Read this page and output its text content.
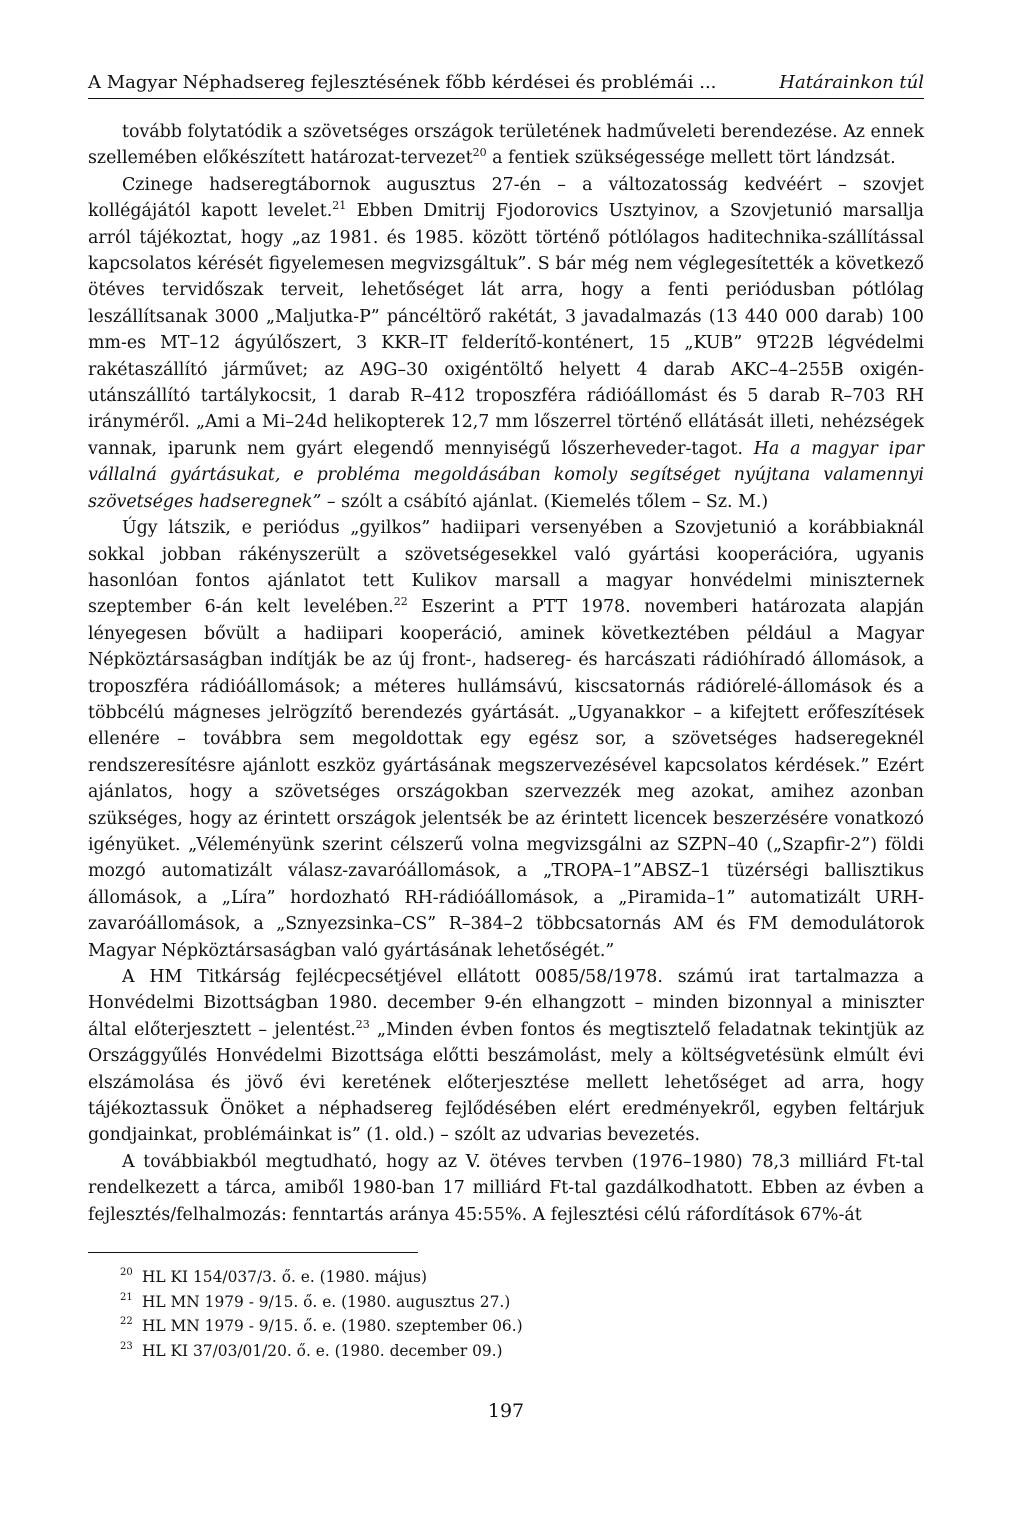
A Magyar Néphadsereg fejlesztésének főbb kérdései és problémái ...	Határainkon túl

tovább folytatódik a szövetséges országok területének hadműveleti berendezése. Az ennek szellemében előkészített határozat-tervezet$^{20}$ a fentiek szükségessége mellett tört lándzsát.

Czinege hadseregtábornok augusztus 27-én – a változatosság kedvéért – szovjet kollégájától kapott levelet.$^{21}$ Ebben Dmitrij Fjodorovics Usztyinov, a Szovjetunió marsallja arról tájékoztat, hogy „az 1981. és 1985. között történő pótlólagos haditechnika-szállítással kapcsolatos kérését figyelemesen megvizsgáltuk”. S bár még nem véglegesítették a következő ötéves tervidőszak terveit, lehetőséget lát arra, hogy a fenti periódusban pótlólag leszállítsanak 3000 „Maljutka-P” páncéltörő rakétát, 3 javadalmazás (13 440 000 darab) 100 mm-es MT–12 ágyúlőszert, 3 KKR–IT felderítő-konténert, 15 „KUB” 9T22B légvédelmi rakétaszállító járművet; az A9G–30 oxigéntöltő helyett 4 darab AKC–4–255B oxigén-utánszállító tartálykocsit, 1 darab R–412 troposzféra rádióállomást és 5 darab R–703 RH irányméről. „Ami a Mi–24d helikopterek 12,7 mm lőszerrel történő ellátását illeti, nehézségek vannak, iparunk nem gyárt elegendő mennyiségű lőszerheveder-tagot. Ha a magyar ipar vállalná gyártásukat, e probléma megoldásában komoly segítséget nyújtana valamennyi szövetséges hadseregnek” – szólt a csábító ajánlat. (Kiemelés tőlem – Sz. M.)

Úgy látszik, e periódus „gyilkos” hadiipari versenyében a Szovjetunió a korábbiaknál sokkal jobban rákényszerült a szövetségesekkel való gyártási kooperációra, ugyanis hasonlóan fontos ajánlatot tett Kulikov marsall a magyar honvédelmi miniszternek szeptember 6-án kelt levelében.$^{22}$ Eszerint a PTT 1978. novemberi határozata alapján lényegesen bővült a hadiipari kooperáció, aminek következtében például a Magyar Népköztársaságban indítják be az új front-, hadsereg- és harcászati rádióhíradó állomások, a troposzféra rádióállomások; a méteres hullámsávú, kiscsatornás rádiórelé-állomások és a többcélú mágneses jelrögzítő berendezés gyártását. „Ugyanakkor – a kifejtett erőfeszítések ellenére – továbbra sem megoldottak egy egész sor, a szövetséges hadseregeknél rendszeresítésre ajánlott eszköz gyártásának megszervezésével kapcsolatos kérdések.” Ezért ajánlatos, hogy a szövetséges országokban szervezzék meg azokat, amihez azonban szükséges, hogy az érintett országok jelentsék be az érintett licencek beszerzésére vonatkozó igényüket. „Véleményünk szerint célszerű volna megvizsgálni az SZPN–40 („Szapfir-2”) földi mozgó automatizált válasz-zavaróállomások, a „TROPA–1”ABSZ–1 tüzérségi ballisztikus állomások, a „Líra” hordozható RH-rádióállomások, a „Piramida–1” automatizált URH-zavaróállomások, a „Sznyezsinka–CS” R–384–2 többcsatornás AM és FM demodulátorok Magyar Népköztársaságban való gyártásának lehetőségét.”

A HM Titkárság fejlécpecsétjével ellátott 0085/58/1978. számú irat tartalmazza a Honvédelmi Bizottságban 1980. december 9-én elhangzott – minden bizonnyal a miniszter által előterjesztett – jelentést.$^{23}$ „Minden évben fontos és megtisztelő feladatnak tekintjük az Országgyűlés Honvédelmi Bizottsága előtti beszámolást, mely a költségvetésünk elmúlt évi elszámolása és jövő évi keretének előterjesztése mellett lehetőséget ad arra, hogy tájékoztassuk Önöket a néphadsereg fejlődésében elért eredményekről, egyben feltárjuk gondjainkat, problémáinkat is” (1. old.) – szólt az udvarias bevezetés.

A továbbiakból megtudható, hogy az V. ötéves tervben (1976–1980) 78,3 milliárd Ft-tal rendelkezett a tárca, amiből 1980-ban 17 milliárd Ft-tal gazdálkodhatott. Ebben az évben a fejlesztés/felhalmozás: fenntartás aránya 45:55%. A fejlesztési célú ráfordítások 67%-át

20 HL KI 154/037/3. ő. e. (1980. május)
21 HL MN 1979 - 9/15. ő. e. (1980. augusztus 27.)
22 HL MN 1979 - 9/15. ő. e. (1980. szeptember 06.)
23 HL KI 37/03/01/20. ő. e. (1980. december 09.)
197
